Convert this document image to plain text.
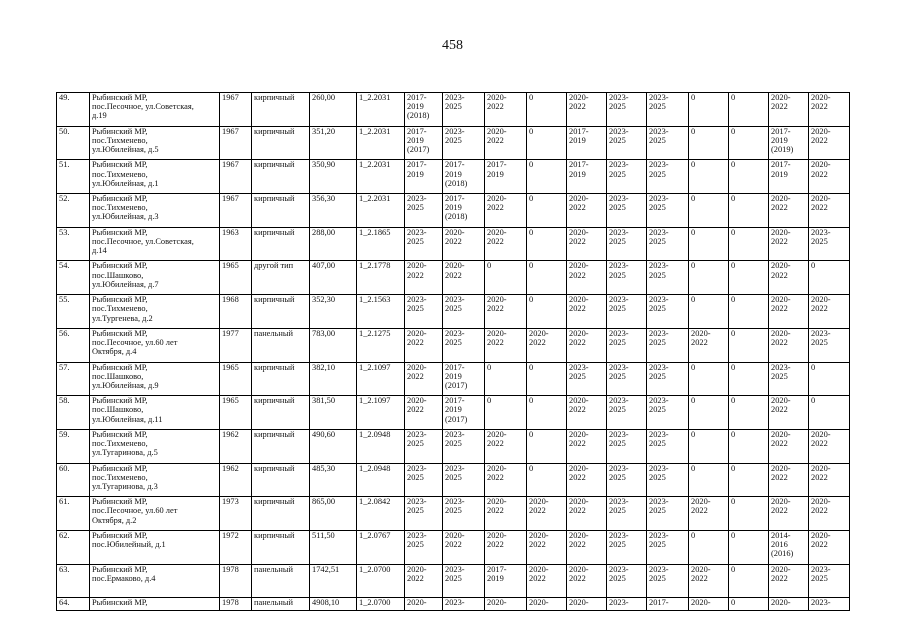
458
49.	Рыбинский МР,
пос.Песочное, ул.Советская,
д.19	1967	кирпичный	260,00	1_2.2031	2017-
2019
(2018)	2023-
2025	2020-
2022	0	2020-
2022	2023-
2025	2023-
2025	0	0	2020-
2022	2020-
2022
50.	Рыбинский МР,
пос.Тихменево,
ул.Юбилейная, д.5	1967	кирпичный	351,20	1_2.2031	2017-
2019
(2017)	2023-
2025	2020-
2022	0	2017-
2019	2023-
2025	2023-
2025	0	0	2017-
2019
(2019)	2020-
2022
51.	Рыбинский МР,
пос.Тихменево,
ул.Юбилейная, д.1	1967	кирпичный	350,90	1_2.2031	2017-
2019	2017-
2019
(2018)	2017-
2019	0	2017-
2019	2023-
2025	2023-
2025	0	0	2017-
2019	2020-
2022
52.	Рыбинский МР,
пос.Тихменево,
ул.Юбилейная, д.3	1967	кирпичный	356,30	1_2.2031	2023-
2025	2017-
2019
(2018)	2020-
2022	0	2020-
2022	2023-
2025	2023-
2025	0	0	2020-
2022	2020-
2022
53.	Рыбинский МР,
пос.Песочное, ул.Советская,
д.14	1963	кирпичный	288,00	1_2.1865	2023-
2025	2020-
2022	2020-
2022	0	2020-
2022	2023-
2025	2023-
2025	0	0	2020-
2022	2023-
2025
54.	Рыбинский МР,
пос.Шашково,
ул.Юбилейная, д.7	1965	другой тип	407,00	1_2.1778	2020-
2022	2020-
2022	0	0	2020-
2022	2023-
2025	2023-
2025	0	0	2020-
2022	0
55.	Рыбинский МР,
пос.Тихменево,
ул.Тургенева, д.2	1968	кирпичный	352,30	1_2.1563	2023-
2025	2023-
2025	2020-
2022	0	2020-
2022	2023-
2025	2023-
2025	0	0	2020-
2022	2020-
2022
56.	Рыбинский МР,
пос.Песочное, ул.60 лет
Октября, д.4	1977	панельный	783,00	1_2.1275	2020-
2022	2023-
2025	2020-
2022	2020-
2022	2020-
2022	2023-
2025	2023-
2025	2020-
2022	0	2020-
2022	2023-
2025
57.	Рыбинский МР,
пос.Шашково,
ул.Юбилейная, д.9	1965	кирпичный	382,10	1_2.1097	2020-
2022	2017-
2019
(2017)	0	0	2023-
2025	2023-
2025	2023-
2025	0	0	2023-
2025	0
58.	Рыбинский МР,
пос.Шашково,
ул.Юбилейная, д.11	1965	кирпичный	381,50	1_2.1097	2020-
2022	2017-
2019
(2017)	0	0	2020-
2022	2023-
2025	2023-
2025	0	0	2020-
2022	0
59.	Рыбинский МР,
пос.Тихменево,
ул.Тугаринова, д.5	1962	кирпичный	490,60	1_2.0948	2023-
2025	2023-
2025	2020-
2022	0	2020-
2022	2023-
2025	2023-
2025	0	0	2020-
2022	2020-
2022
60.	Рыбинский МР,
пос.Тихменево,
ул.Тугаринова, д.3	1962	кирпичный	485,30	1_2.0948	2023-
2025	2023-
2025	2020-
2022	0	2020-
2022	2023-
2025	2023-
2025	0	0	2020-
2022	2020-
2022
61.	Рыбинский МР,
пос.Песочное, ул.60 лет
Октября, д.2	1973	кирпичный	865,00	1_2.0842	2023-
2025	2023-
2025	2020-
2022	2020-
2022	2020-
2022	2023-
2025	2023-
2025	2020-
2022	0	2020-
2022	2020-
2022
62.	Рыбинский МР,
пос.Юбилейный, д.1	1972	кирпичный	511,50	1_2.0767	2023-
2025	2020-
2022	2020-
2022	2020-
2022	2020-
2022	2023-
2025	2023-
2025	0	0	2014-
2016
(2016)	2020-
2022
63.	Рыбинский МР,
пос.Ермаково, д.4	1978	панельный	1742,51	1_2.0700	2020-
2022	2023-
2025	2017-
2019	2020-
2022	2020-
2022	2023-
2025	2023-
2025	2020-
2022	0	2020-
2022	2023-
2025
64.	Рыбинский МР,	1978	панельный	4908,10	1_2.0700	2020-	2023-	2020-	2020-	2020-	2023-	2017-	2020-	0	2020-	2023-
